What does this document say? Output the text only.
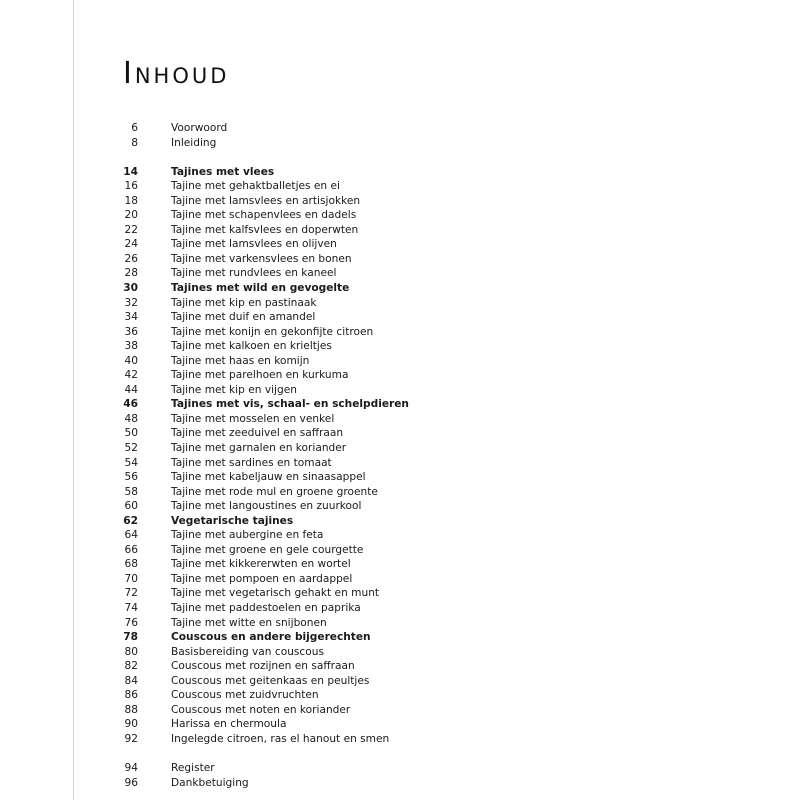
Inhoud
6	Voorwoord
8	Inleiding
14	Tajines met vlees
16	Tajine met gehaktballetjes en ei
18	Tajine met lamsvlees en artisjokken
20	Tajine met schapenvlees en dadels
22	Tajine met kalfsvlees en doperwten
24	Tajine met lamsvlees en olijven
26	Tajine met varkensvlees en bonen
28	Tajine met rundvlees en kaneel
30	Tajines met wild en gevogelte
32	Tajine met kip en pastinaak
34	Tajine met duif en amandel
36	Tajine met konijn en gekonfijte citroen
38	Tajine met kalkoen en krieltjes
40	Tajine met haas en komijn
42	Tajine met parelhoen en kurkuma
44	Tajine met kip en vijgen
46	Tajines met vis, schaal- en schelpdieren
48	Tajine met mosselen en venkel
50	Tajine met zeeduivel en saffraan
52	Tajine met garnalen en koriander
54	Tajine met sardines en tomaat
56	Tajine met kabeljauw en sinaasappel
58	Tajine met rode mul en groene groente
60	Tajine met langoustines en zuurkool
62	Vegetarische tajines
64	Tajine met aubergine en feta
66	Tajine met groene en gele courgette
68	Tajine met kikkererwten en wortel
70	Tajine met pompoen en aardappel
72	Tajine met vegetarisch gehakt en munt
74	Tajine met paddestoelen en paprika
76	Tajine met witte en snijbonen
78	Couscous en andere bijgerechten
80	Basisbereiding van couscous
82	Couscous met rozijnen en saffraan
84	Couscous met geitenkaas en peultjes
86	Couscous met zuidvruchten
88	Couscous met noten en koriander
90	Harissa en chermoula
92	Ingelegde citroen, ras el hanout en smen
94	Register
96	Dankbetuiging
